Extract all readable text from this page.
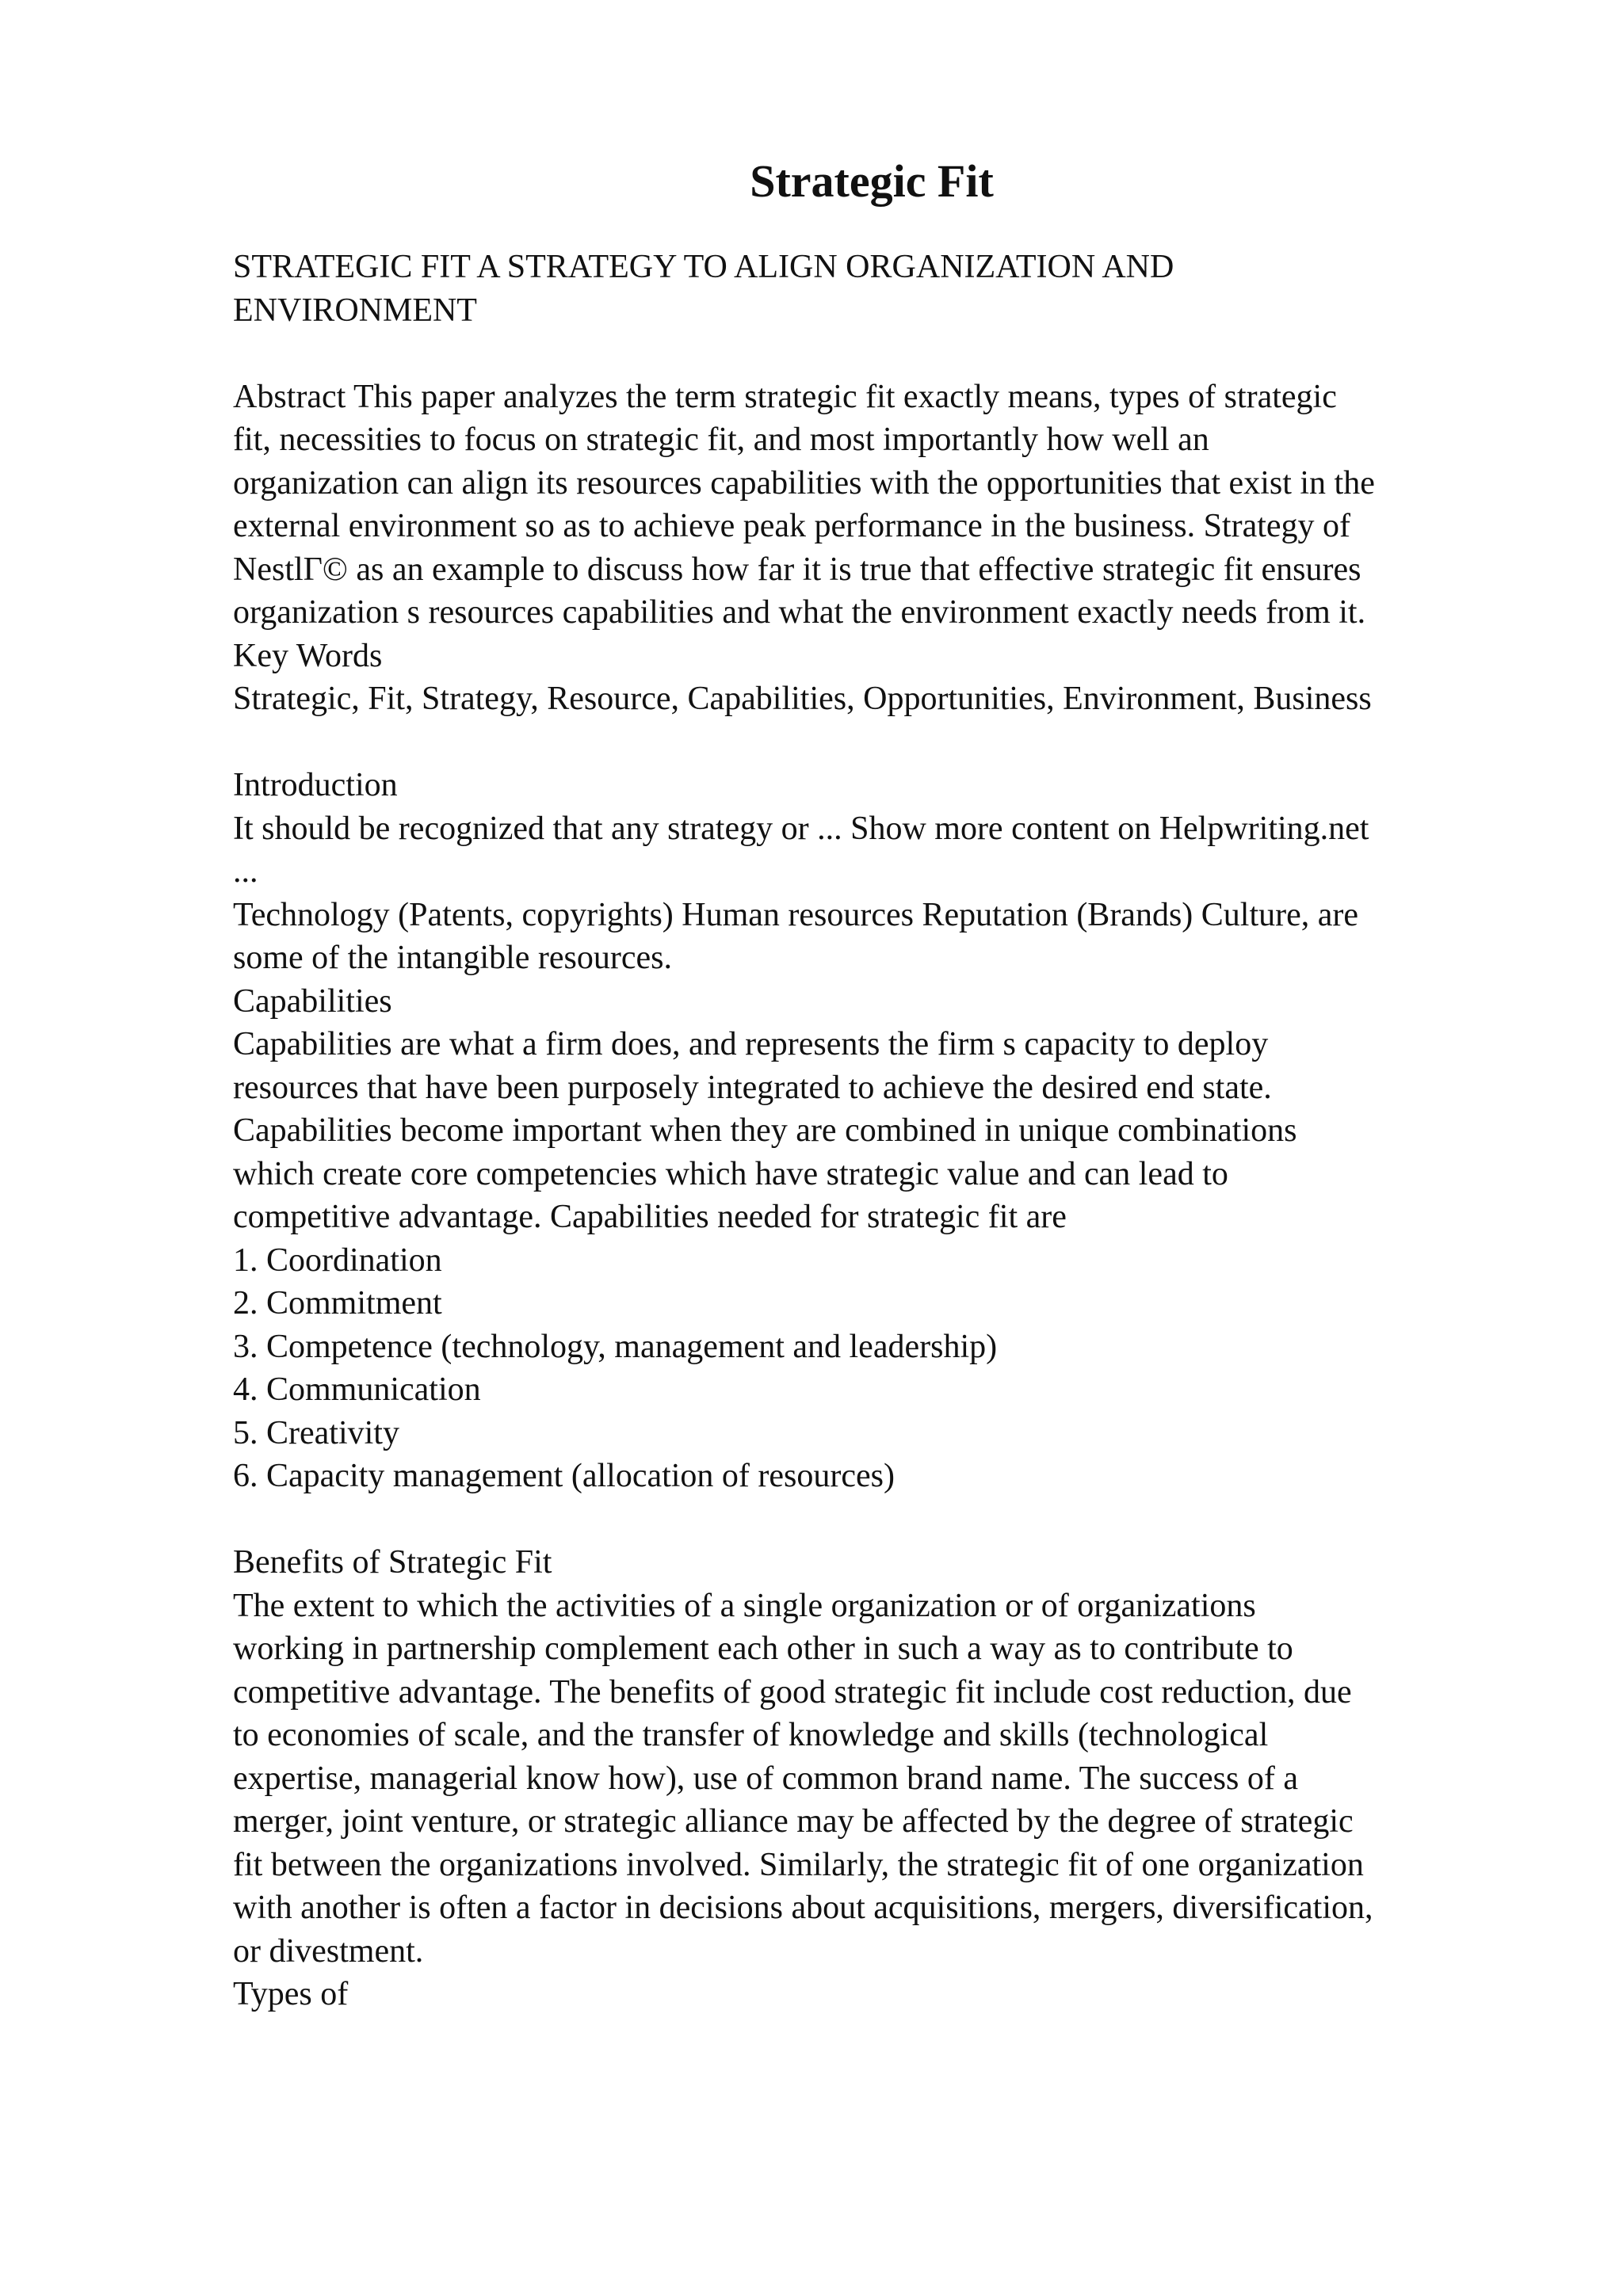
Strategic Fit
STRATEGIC FIT A STRATEGY TO ALIGN ORGANIZATION AND
ENVIRONMENT
Abstract This paper analyzes the term strategic fit exactly means, types of strategic
fit, necessities to focus on strategic fit, and most importantly how well an
organization can align its resources capabilities with the opportunities that exist in the
external environment so as to achieve peak performance in the business. Strategy of
NestlГ© as an example to discuss how far it is true that effective strategic fit ensures
organization s resources capabilities and what the environment exactly needs from it.
Key Words
Strategic, Fit, Strategy, Resource, Capabilities, Opportunities, Environment, Business
Introduction
It should be recognized that any strategy or ... Show more content on Helpwriting.net
...
Technology (Patents, copyrights) Human resources Reputation (Brands) Culture, are
some of the intangible resources.
Capabilities
Capabilities are what a firm does, and represents the firm s capacity to deploy
resources that have been purposely integrated to achieve the desired end state.
Capabilities become important when they are combined in unique combinations
which create core competencies which have strategic value and can lead to
competitive advantage. Capabilities needed for strategic fit are
1. Coordination
2. Commitment
3. Competence (technology, management and leadership)
4. Communication
5. Creativity
6. Capacity management (allocation of resources)
Benefits of Strategic Fit
The extent to which the activities of a single organization or of organizations
working in partnership complement each other in such a way as to contribute to
competitive advantage. The benefits of good strategic fit include cost reduction, due
to economies of scale, and the transfer of knowledge and skills (technological
expertise, managerial know how), use of common brand name. The success of a
merger, joint venture, or strategic alliance may be affected by the degree of strategic
fit between the organizations involved. Similarly, the strategic fit of one organization
with another is often a factor in decisions about acquisitions, mergers, diversification,
or divestment.
Types of
